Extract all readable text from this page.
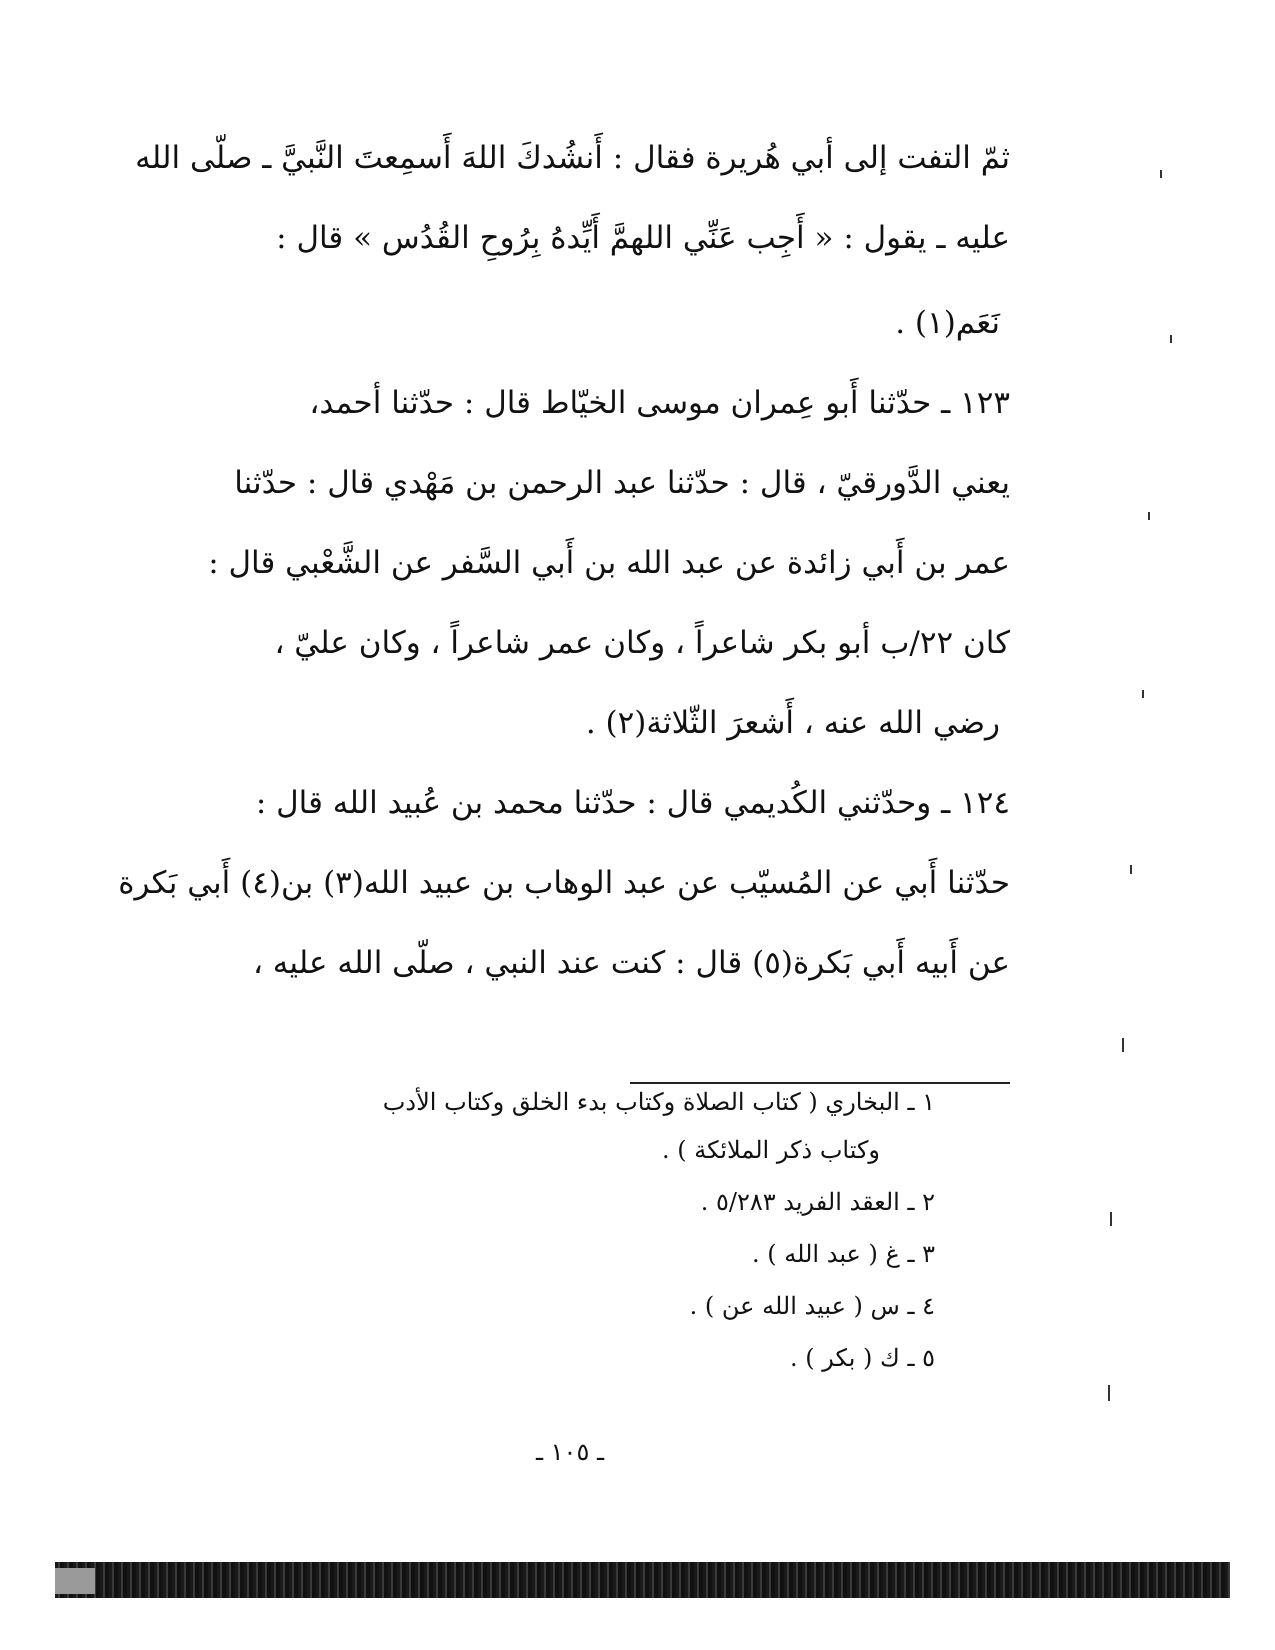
ثمّ التفت إلى أبي هُريرة فقال : أَنشُدكَ اللهَ أَسمِعتَ النَّبيَّ ـ صلّى الله
عليه ـ يقول : « أَجِب عَنِّي اللهمَّ أَيِّدهُ بِرُوحِ القُدُس » قال :
نَعَم(١) .
١٢٣ ـ حدّثنا أَبو عِمران موسى الخيّاط قال : حدّثنا أحمد،
يعني الدَّورقيّ ، قال : حدّثنا عبد الرحمن بن مَهْدي قال : حدّثنا
عمر بن أَبي زائدة عن عبد الله بن أَبي السَّفر عن الشَّعْبي قال :
كان ٢٢/ب أبو بكر شاعراً ، وكان عمر شاعراً ، وكان عليّ ،
رضي الله عنه ، أَشعرَ الثّلاثة(٢) .
١٢٤ ـ وحدّثني الكُديمي قال : حدّثنا محمد بن عُبيد الله قال :
حدّثنا أَبي عن المُسيّب عن عبد الوهاب بن عبيد الله(٣) بن(٤) أَبي بَكرة
عن أَبيه أَبي بَكرة(٥) قال : كنت عند النبي ، صلّى الله عليه ،
١ ـ البخاري ( كتاب الصلاة وكتاب بدء الخلق وكتاب الأدب
وكتاب ذكر الملائكة ) .
٢ ـ العقد الفريد ٥/٢٨٣ .
٣ ـ غ ( عبد الله ) .
٤ ـ س ( عبيد الله عن ) .
٥ ـ ك ( بكر ) .
ـ ١٠٥ ـ
